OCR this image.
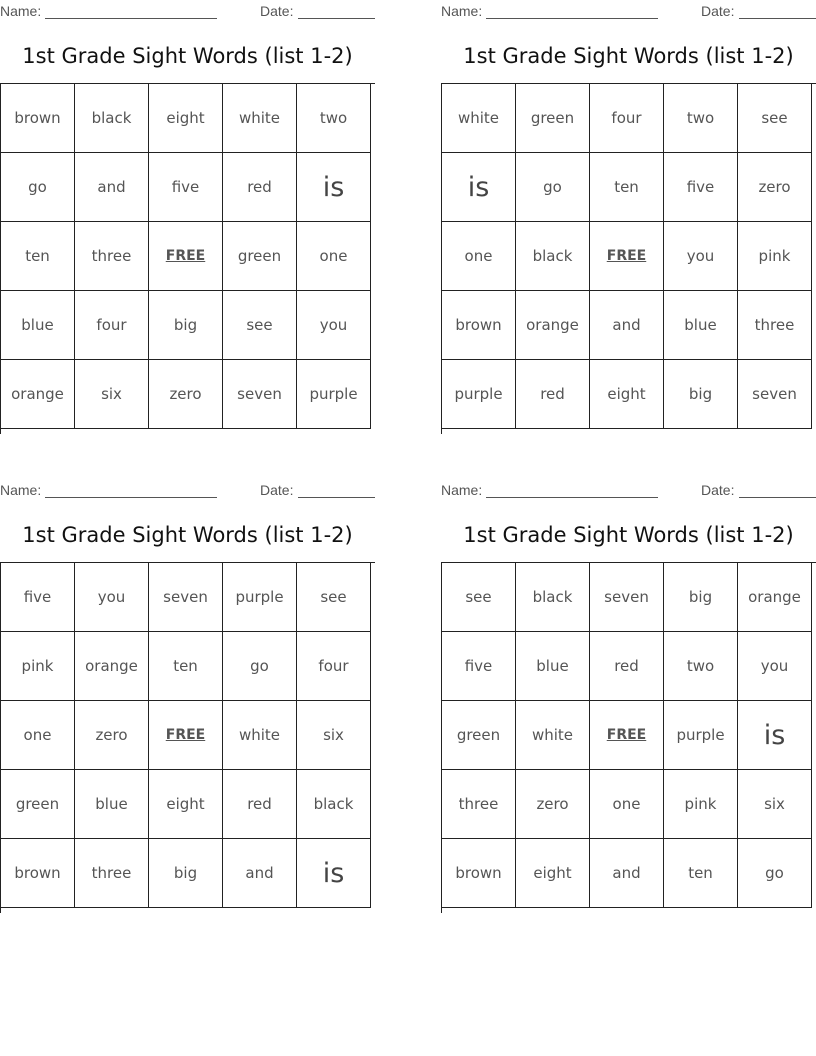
Name:	Date:
1st Grade Sight Words (list 1-2)
brown	black	eight	white	two
go	and	five	red	is
ten	three	FREE	green	one
blue	four	big	see	you
orange	six	zero	seven	purple
Name:	Date:
1st Grade Sight Words (list 1-2)
white	green	four	two	see
is	go	ten	five	zero
one	black	FREE	you	pink
brown	orange	and	blue	three
purple	red	eight	big	seven
Name:	Date:
1st Grade Sight Words (list 1-2)
five	you	seven	purple	see
pink	orange	ten	go	four
one	zero	FREE	white	six
green	blue	eight	red	black
brown	three	big	and	is
Name:	Date:
1st Grade Sight Words (list 1-2)
see	black	seven	big	orange
five	blue	red	two	you
green	white	FREE	purple	is
three	zero	one	pink	six
brown	eight	and	ten	go
